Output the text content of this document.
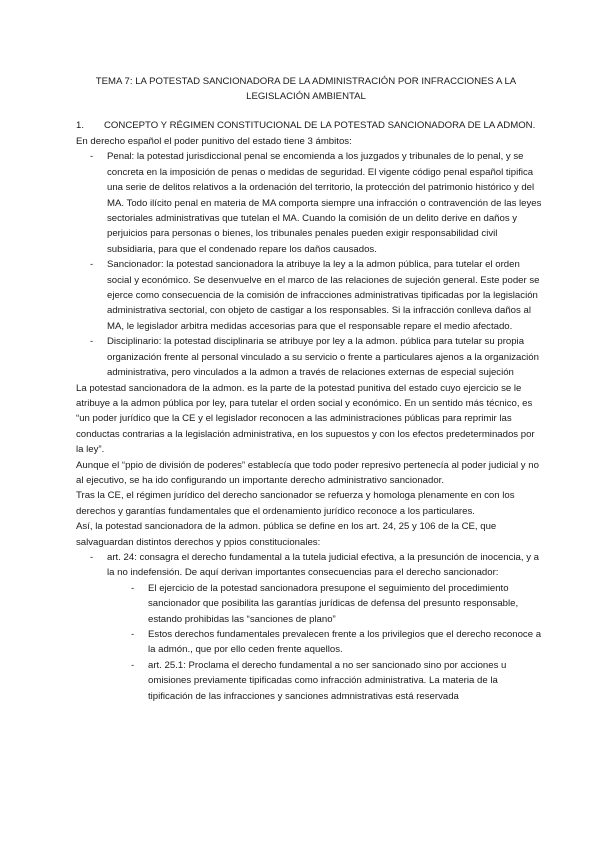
TEMA 7: LA POTESTAD SANCIONADORA DE LA ADMINISTRACIÓN POR INFRACCIONES A LA
LEGISLACIÓN AMBIENTAL
1. CONCEPTO Y RÉGIMEN CONSTITUCIONAL DE LA POTESTAD SANCIONADORA DE LA ADMON.

En derecho español el poder punitivo del estado tiene 3 ámbitos:

- Penal: la potestad jurisdiccional penal se encomienda a los juzgados y tribunales de lo penal, y se concreta en la imposición de penas o medidas de seguridad. El vigente código penal español tipifica una serie de delitos relativos a la ordenación del territorio, la protección del patrimonio histórico y del MA. Todo ilícito penal en materia de MA comporta siempre una infracción o contravención de las leyes sectoriales administrativas que tutelan el MA. Cuando la comisión de un delito derive en daños y perjuicios para personas o bienes, los tribunales penales pueden exigir responsabilidad civil subsidiaria, para que el condenado repare los daños causados.
- Sancionador: la potestad sancionadora la atribuye la ley a la admon pública, para tutelar el orden social y económico. Se desenvuelve en el marco de las relaciones de sujeción general. Este poder se ejerce como consecuencia de la comisión de infracciones administrativas tipificadas por la legislación administrativa sectorial, con objeto de castigar a los responsables. Si la infracción conlleva daños al MA, le legislador arbitra medidas accesorias para que el responsable repare el medio afectado.
- Disciplinario: la potestad disciplinaria se atribuye por ley a la admon. pública para tutelar su propia organización frente al personal vinculado a su servicio o frente a particulares ajenos a la organización administrativa, pero vinculados a la admon a través de relaciones externas de especial sujeción

La potestad sancionadora de la admon. es la parte de la potestad punitiva del estado cuyo ejercicio se le atribuye a la admon pública por ley, para tutelar el orden social y económico. En un sentido más técnico, es “un poder jurídico que la CE y el legislador reconocen a las administraciones públicas para reprimir las conductas contrarias a la legislación administrativa, en los supuestos y con los efectos predeterminados por la ley”.

Aunque el “ppio de división de poderes” establecía que todo poder represivo pertenecía al poder judicial y no al ejecutivo, se ha ido configurando un importante derecho administrativo sancionador.

Tras la CE, el régimen jurídico del derecho sancionador se refuerza y homologa plenamente en con los derechos y garantías fundamentales que el ordenamiento jurídico reconoce a los particulares.

Así, la potestad sancionadora de la admon. pública se define en los art. 24, 25 y 106 de la CE, que salvaguardan distintos derechos y ppios constitucionales:

- art. 24: consagra el derecho fundamental a la tutela judicial efectiva, a la presunción de inocencia, y a la no indefensión. De aquí derivan importantes consecuencias para el derecho sancionador:
- El ejercicio de la potestad sancionadora presupone el seguimiento del procedimiento sancionador que posibilita las garantías jurídicas de defensa del presunto responsable, estando prohibidas las “sanciones de plano”
- Estos derechos fundamentales prevalecen frente a los privilegios que el derecho reconoce a la admón., que por ello ceden frente aquellos.
- art. 25.1: Proclama el derecho fundamental a no ser sancionado sino por acciones u omisiones previamente tipificadas como infracción administrativa. La materia de la tipificación de las infracciones y sanciones admnistrativas está reservada
